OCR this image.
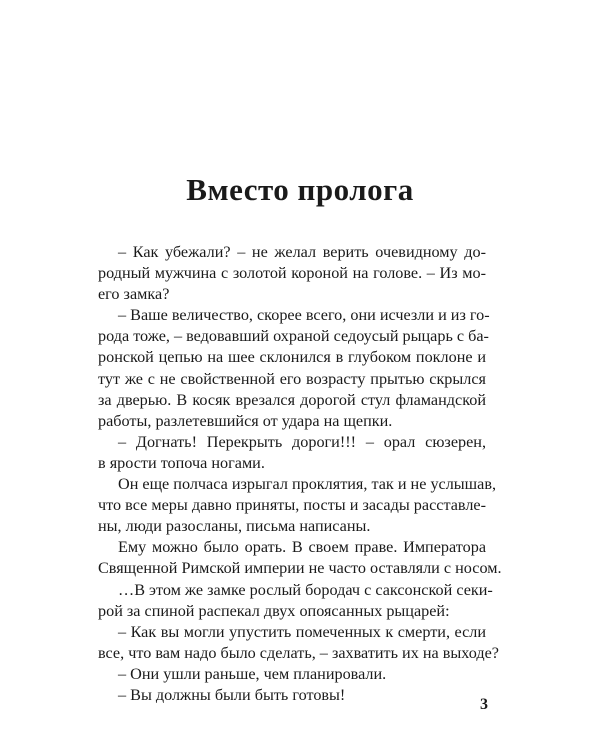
Вместо пролога
– Как убежали? – не желал верить очевидному до-
родный мужчина с золотой короной на голове. – Из мо-
его замка?
– Ваше величество, скорее всего, они исчезли и из го-
рода тоже, – ведовавший охраной седоусый рыцарь с ба-
ронской цепью на шее склонился в глубоком поклоне и
тут же с не свойственной его возрасту прытью скрылся
за дверью. В косяк врезался дорогой стул фламандской
работы, разлетевшийся от удара на щепки.
– Догнать! Перекрыть дороги!!! – орал сюзерен,
в ярости топоча ногами.
Он еще полчаса изрыгал проклятия, так и не услышав,
что все меры давно приняты, посты и засады расставле-
ны, люди разосланы, письма написаны.
Ему можно было орать. В своем праве. Императора
Священной Римской империи не часто оставляли с носом.
…В этом же замке рослый бородач с саксонской секи-
рой за спиной распекал двух опоясанных рыцарей:
– Как вы могли упустить помеченных к смерти, если
все, что вам надо было сделать, – захватить их на выходе?
– Они ушли раньше, чем планировали.
– Вы должны были быть готовы!
3
